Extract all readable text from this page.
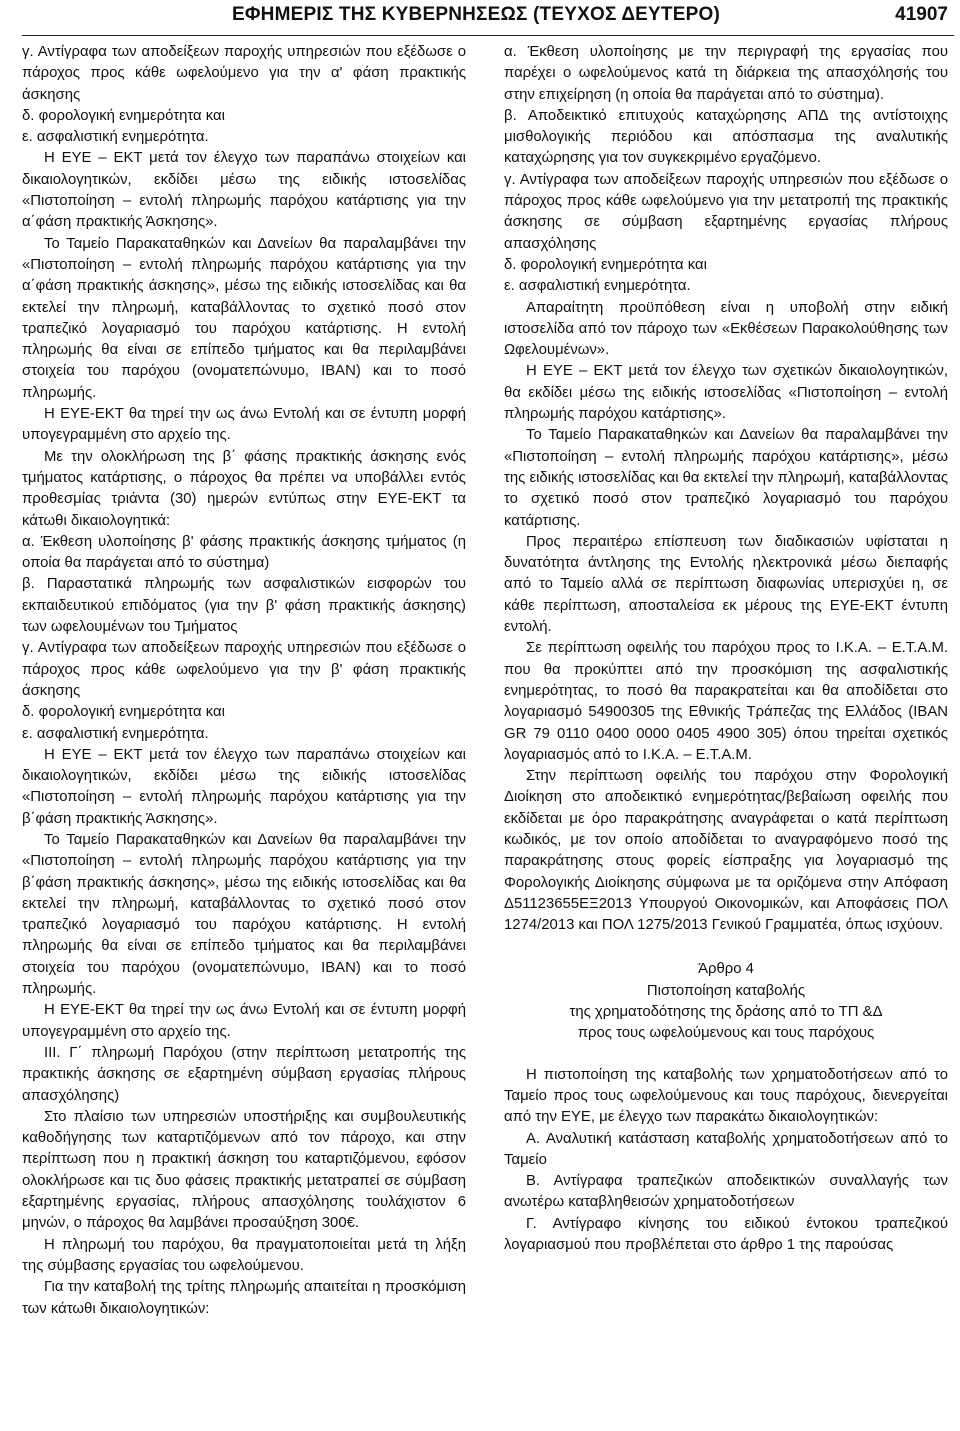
ΕΦΗΜΕΡΙΣ ΤΗΣ ΚΥΒΕΡΝΗΣΕΩΣ (ΤΕΥΧΟΣ ΔΕΥΤΕΡΟ)	41907

γ. Αντίγραφα των αποδείξεων παροχής υπηρεσιών που εξέδωσε ο πάροχος προς κάθε ωφελούμενο για την α' φάση πρακτικής άσκησης

δ. φορολογική ενημερότητα και

ε. ασφαλιστική ενημερότητα.

Η ΕΥΕ – ΕΚΤ μετά τον έλεγχο των παραπάνω στοιχείων και δικαιολογητικών, εκδίδει μέσω της ειδικής ιστοσελίδας «Πιστοποίηση – εντολή πληρωμής παρόχου κατάρτισης για την α΄φάση πρακτικής Άσκησης».

Το Ταμείο Παρακαταθηκών και Δανείων θα παραλαμβάνει την «Πιστοποίηση – εντολή πληρωμής παρόχου κατάρτισης για την α΄φάση πρακτικής άσκησης», μέσω της ειδικής ιστοσελίδας και θα εκτελεί την πληρωμή, καταβάλλοντας το σχετικό ποσό στον τραπεζικό λογαριασμό του παρόχου κατάρτισης. Η εντολή πληρωμής θα είναι σε επίπεδο τμήματος και θα περιλαμβάνει στοιχεία του παρόχου (ονοματεπώνυμο, ΙΒΑΝ) και το ποσό πληρωμής.

Η ΕΥΕ-ΕΚΤ θα τηρεί την ως άνω Εντολή και σε έντυπη μορφή υπογεγραμμένη στο αρχείο της.

Με την ολοκλήρωση της β΄ φάσης πρακτικής άσκησης ενός τμήματος κατάρτισης, ο πάροχος θα πρέπει να υποβάλλει εντός προθεσμίας τριάντα (30) ημερών εντύπως στην ΕΥΕ-ΕΚΤ τα κάτωθι δικαιολογητικά:

α. Έκθεση υλοποίησης β' φάσης πρακτικής άσκησης τμήματος (η οποία θα παράγεται από το σύστημα)

β. Παραστατικά πληρωμής των ασφαλιστικών εισφορών του εκπαιδευτικού επιδόματος (για την β' φάση πρακτικής άσκησης) των ωφελουμένων του Τμήματος

γ. Αντίγραφα των αποδείξεων παροχής υπηρεσιών που εξέδωσε ο πάροχος προς κάθε ωφελούμενο για την β' φάση πρακτικής άσκησης

δ. φορολογική ενημερότητα και

ε. ασφαλιστική ενημερότητα.

Η ΕΥΕ – ΕΚΤ μετά τον έλεγχο των παραπάνω στοιχείων και δικαιολογητικών, εκδίδει μέσω της ειδικής ιστοσελίδας «Πιστοποίηση – εντολή πληρωμής παρόχου κατάρτισης για την β΄φάση πρακτικής Άσκησης».

Το Ταμείο Παρακαταθηκών και Δανείων θα παραλαμβάνει την «Πιστοποίηση – εντολή πληρωμής παρόχου κατάρτισης για την β΄φάση πρακτικής άσκησης», μέσω της ειδικής ιστοσελίδας και θα εκτελεί την πληρωμή, καταβάλλοντας το σχετικό ποσό στον τραπεζικό λογαριασμό του παρόχου κατάρτισης. Η εντολή πληρωμής θα είναι σε επίπεδο τμήματος και θα περιλαμβάνει στοιχεία του παρόχου (ονοματεπώνυμο, ΙΒΑΝ) και το ποσό πληρωμής.

Η ΕΥΕ-ΕΚΤ θα τηρεί την ως άνω Εντολή και σε έντυπη μορφή υπογεγραμμένη στο αρχείο της.

ΙΙΙ. Γ΄ πληρωμή Παρόχου (στην περίπτωση μετατροπής της πρακτικής άσκησης σε εξαρτημένη σύμβαση εργασίας πλήρους απασχόλησης)

Στο πλαίσιο των υπηρεσιών υποστήριξης και συμβουλευτικής καθοδήγησης των καταρτιζόμενων από τον πάροχο, και στην περίπτωση που η πρακτική άσκηση του καταρτιζόμενου, εφόσον ολοκλήρωσε και τις δυο φάσεις πρακτικής μετατραπεί σε σύμβαση εξαρτημένης εργασίας, πλήρους απασχόλησης τουλάχιστον 6 μηνών, ο πάροχος θα λαμβάνει προσαύξηση 300€.

Η πληρωμή του παρόχου, θα πραγματοποιείται μετά τη λήξη της σύμβασης εργασίας του ωφελούμενου.

Για την καταβολή της τρίτης πληρωμής απαιτείται η προσκόμιση των κάτωθι δικαιολογητικών:

α. Έκθεση υλοποίησης με την περιγραφή της εργασίας που παρέχει ο ωφελούμενος κατά τη διάρκεια της απασχόλησής του στην επιχείρηση (η οποία θα παράγεται από το σύστημα).

β. Αποδεικτικό επιτυχούς καταχώρησης ΑΠΔ της αντίστοιχης μισθολογικής περιόδου και απόσπασμα της αναλυτικής καταχώρησης για τον συγκεκριμένο εργαζόμενο.

γ. Αντίγραφα των αποδείξεων παροχής υπηρεσιών που εξέδωσε ο πάροχος προς κάθε ωφελούμενο για την μετατροπή της πρακτικής άσκησης σε σύμβαση εξαρτημένης εργασίας πλήρους απασχόλησης

δ. φορολογική ενημερότητα και

ε. ασφαλιστική ενημερότητα.

Απαραίτητη προϋπόθεση είναι η υποβολή στην ειδική ιστοσελίδα από τον πάροχο των «Εκθέσεων Παρακολούθησης των Ωφελουμένων».

Η ΕΥΕ – ΕΚΤ μετά τον έλεγχο των σχετικών δικαιολογητικών, θα εκδίδει μέσω της ειδικής ιστοσελίδας «Πιστοποίηση – εντολή πληρωμής παρόχου κατάρτισης».

Το Ταμείο Παρακαταθηκών και Δανείων θα παραλαμβάνει την «Πιστοποίηση – εντολή πληρωμής παρόχου κατάρτισης», μέσω της ειδικής ιστοσελίδας και θα εκτελεί την πληρωμή, καταβάλλοντας το σχετικό ποσό στον τραπεζικό λογαριασμό του παρόχου κατάρτισης.

Προς περαιτέρω επίσπευση των διαδικασιών υφίσταται η δυνατότητα άντλησης της Εντολής ηλεκτρονικά μέσω διεπαφής από το Ταμείο αλλά σε περίπτωση διαφωνίας υπερισχύει η, σε κάθε περίπτωση, αποσταλείσα εκ μέρους της ΕΥΕ-ΕΚΤ έντυπη εντολή.

Σε περίπτωση οφειλής του παρόχου προς το Ι.Κ.Α. – Ε.Τ.Α.Μ. που θα προκύπτει από την προσκόμιση της ασφαλιστικής ενημερότητας, το ποσό θα παρακρατείται και θα αποδίδεται στο λογαριασμό 54900305 της Εθνικής Τράπεζας της Ελλάδος (ΙΒΑΝ GR 79 0110 0400 0000 0405 4900 305) όπου τηρείται σχετικός λογαριασμός από το Ι.Κ.Α. – Ε.Τ.Α.Μ.

Στην περίπτωση οφειλής του παρόχου στην Φορολογική Διοίκηση στο αποδεικτικό ενημερότητας/βεβαίωση οφειλής που εκδίδεται με όρο παρακράτησης αναγράφεται ο κατά περίπτωση κωδικός, με τον οποίο αποδίδεται το αναγραφόμενο ποσό της παρακράτησης στους φορείς είσπραξης για λογαριασμό της Φορολογικής Διοίκησης σύμφωνα με τα οριζόμενα στην Απόφαση Δ51123655ΕΞ2013 Υπουργού Οικονομικών, και Αποφάσεις ΠΟΛ 1274/2013 και ΠΟΛ 1275/2013 Γενικού Γραμματέα, όπως ισχύουν.

Άρθρο 4

Πιστοποίηση καταβολής

της χρηματοδότησης της δράσης από το ΤΠ &Δ

προς τους ωφελούμενους και τους παρόχους

Η πιστοποίηση της καταβολής των χρηματοδοτήσεων από το Ταμείο προς τους ωφελούμενους και τους παρόχους, διενεργείται από την ΕΥΕ, με έλεγχο των παρακάτω δικαιολογητικών:

Α. Αναλυτική κατάσταση καταβολής χρηματοδοτήσεων από το Ταμείο

Β. Αντίγραφα τραπεζικών αποδεικτικών συναλλαγής των ανωτέρω καταβληθεισών χρηματοδοτήσεων

Γ. Αντίγραφο κίνησης του ειδικού έντοκου τραπεζικού λογαριασμού που προβλέπεται στο άρθρο 1 της παρούσας
